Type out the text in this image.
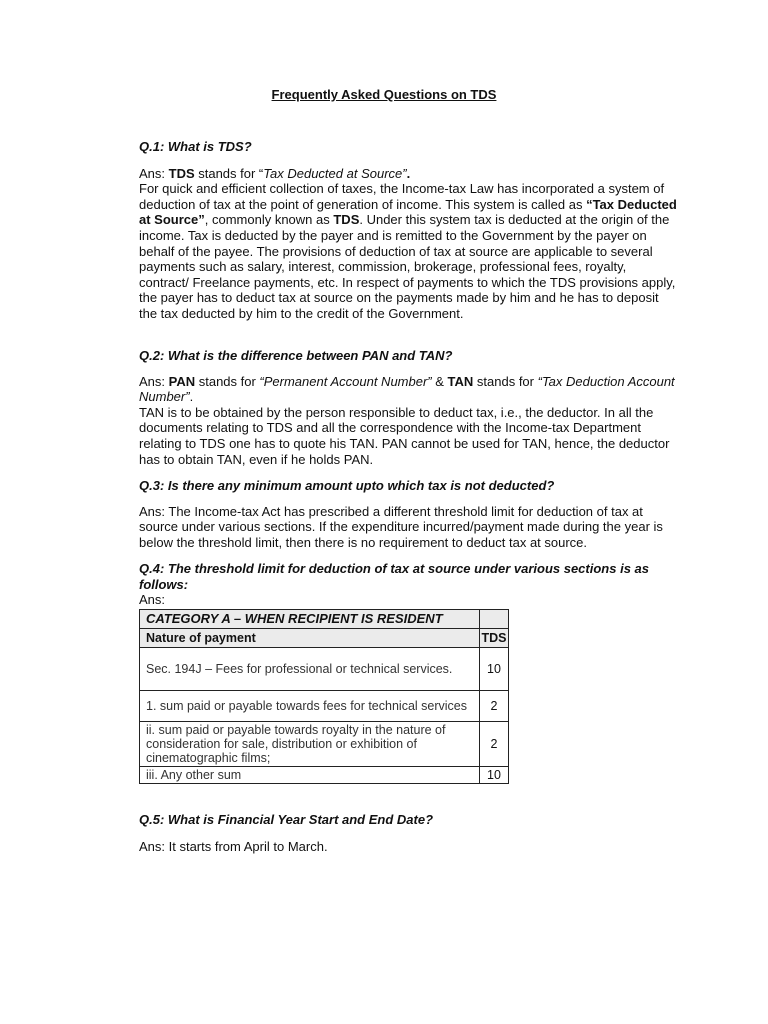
Frequently Asked Questions on TDS

Q.1: What is TDS?

Ans: TDS stands for “Tax Deducted at Source”.

For quick and efficient collection of taxes, the Income-tax Law has incorporated a system of deduction of tax at the point of generation of income. This system is called as “Tax Deducted at Source”, commonly known as TDS. Under this system tax is deducted at the origin of the income. Tax is deducted by the payer and is remitted to the Government by the payer on behalf of the payee. The provisions of deduction of tax at source are applicable to several payments such as salary, interest, commission, brokerage, professional fees, royalty, contract/ Freelance payments, etc. In respect of payments to which the TDS provisions apply, the payer has to deduct tax at source on the payments made by him and he has to deposit the tax deducted by him to the credit of the Government.

Q.2: What is the difference between PAN and TAN?

Ans: PAN stands for “Permanent Account Number” & TAN stands for “Tax Deduction Account Number”.

TAN is to be obtained by the person responsible to deduct tax, i.e., the deductor. In all the documents relating to TDS and all the correspondence with the Income-tax Department relating to TDS one has to quote his TAN. PAN cannot be used for TAN, hence, the deductor has to obtain TAN, even if he holds PAN.

Q.3: Is there any minimum amount upto which tax is not deducted?

Ans: The Income-tax Act has prescribed a different threshold limit for deduction of tax at source under various sections. If the expenditure incurred/payment made during the year is below the threshold limit, then there is no requirement to deduct tax at source.

Q.4: The threshold limit for deduction of tax at source under various sections is as follows:

Ans:

CATEGORY A – WHEN RECIPIENT IS RESIDENT	
Nature of payment	TDS
Sec. 194J – Fees for professional or technical services.	10
1. sum paid or payable towards fees for technical services	2
ii. sum paid or payable towards royalty in the nature of consideration for sale, distribution or exhibition of cinematographic films;	2
iii. Any other sum	10

Q.5: What is Financial Year Start and End Date?

Ans: It starts from April to March.
